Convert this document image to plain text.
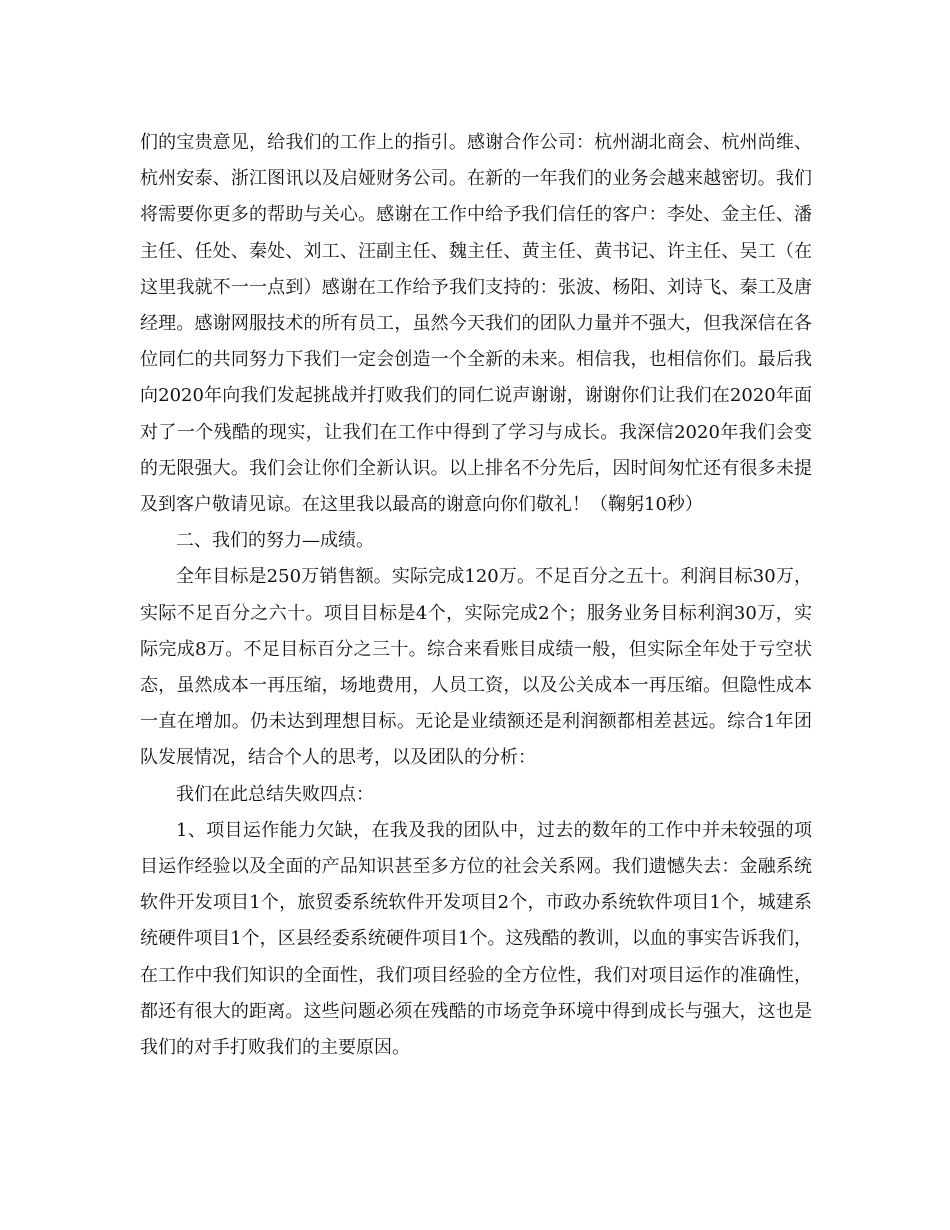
们的宝贵意见，给我们的工作上的指引。感谢合作公司：杭州湖北商会、杭州尚维、杭州安泰、浙江图讯以及启娅财务公司。在新的一年我们的业务会越来越密切。我们将需要你更多的帮助与关心。感谢在工作中给予我们信任的客户：李处、金主任、潘主任、任处、秦处、刘工、汪副主任、魏主任、黄主任、黄书记、许主任、吴工（在这里我就不一一点到）感谢在工作给予我们支持的：张波、杨阳、刘诗飞、秦工及唐经理。感谢网服技术的所有员工，虽然今天我们的团队力量并不强大，但我深信在各位同仁的共同努力下我们一定会创造一个全新的未来。相信我，也相信你们。最后我向2020年向我们发起挑战并打败我们的同仁说声谢谢，谢谢你们让我们在2020年面对了一个残酷的现实，让我们在工作中得到了学习与成长。我深信2020年我们会变的无限强大。我们会让你们全新认识。以上排名不分先后，因时间匆忙还有很多未提及到客户敬请见谅。在这里我以最高的谢意向你们敬礼！（鞠躬10秒）

二、我们的努力—成绩。

全年目标是250万销售额。实际完成120万。不足百分之五十。利润目标30万，实际不足百分之六十。项目目标是4个，实际完成2个；服务业务目标利润30万，实际完成8万。不足目标百分之三十。综合来看账目成绩一般，但实际全年处于亏空状态，虽然成本一再压缩，场地费用，人员工资，以及公关成本一再压缩。但隐性成本一直在增加。仍未达到理想目标。无论是业绩额还是利润额都相差甚远。综合1年团队发展情况，结合个人的思考，以及团队的分析：

我们在此总结失败四点：

1、项目运作能力欠缺，在我及我的团队中，过去的数年的工作中并未较强的项目运作经验以及全面的产品知识甚至多方位的社会关系网。我们遗憾失去：金融系统软件开发项目1个，旅贸委系统软件开发项目2个，市政办系统软件项目1个，城建系统硬件项目1个，区县经委系统硬件项目1个。这残酷的教训，以血的事实告诉我们，在工作中我们知识的全面性，我们项目经验的全方位性，我们对项目运作的准确性，都还有很大的距离。这些问题必须在残酷的市场竞争环境中得到成长与强大，这也是我们的对手打败我们的主要原因。
